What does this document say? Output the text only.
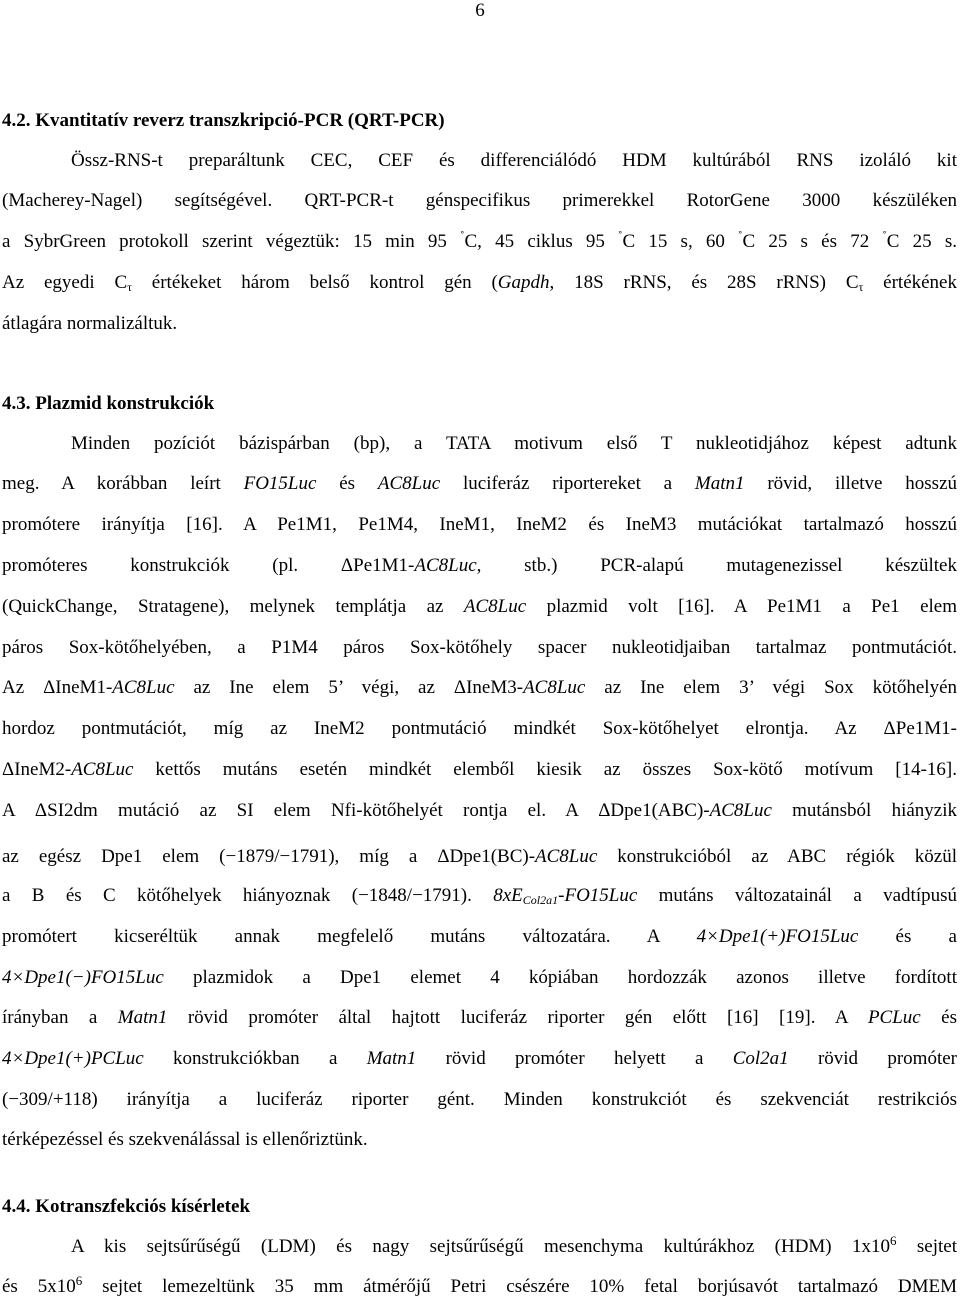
6
4.2. Kvantitatív reverz transzkripció-PCR (QRT-PCR)
Össz-RNS-t preparáltunk CEC, CEF és differenciálódó HDM kultúrából RNS izoláló kit
(Macherey-Nagel) segítségével. QRT-PCR-t génspecifikus primerekkel RotorGene 3000 készüléken
a SybrGreen protokoll szerint végeztük: 15 min 95 ˚C, 45 ciklus 95 ˚C 15 s, 60 ˚C 25 s és 72 ˚C 25 s.
Az egyedi $C_\tau$ értékeket három belső kontrol gén (Gapdh, 18S rRNS, és 28S rRNS) $C_\tau$ értékének
átlagára normalizáltuk.
4.3. Plazmid konstrukciók
Minden pozíciót bázispárban (bp), a TATA motivum első T nukleotidjához képest adtunk
meg. A korábban leírt FO15Luc és AC8Luc luciferáz riportereket a Matn1 rövid, illetve hosszú
promótere irányítja [16]. A Pe1M1, Pe1M4, IneM1, IneM2 és IneM3 mutációkat tartalmazó hosszú
promóteres konstrukciók (pl. ΔPe1M1-AC8Luc, stb.) PCR-alapú mutagenezissel készültek
(QuickChange, Stratagene), melynek templátja az AC8Luc plazmid volt [16]. A Pe1M1 a Pe1 elem
páros Sox-kötőhelyében, a P1M4 páros Sox-kötőhely spacer nukleotidjaiban tartalmaz pontmutációt.
Az ΔIneM1-AC8Luc az Ine elem 5’ végi, az ΔIneM3-AC8Luc az Ine elem 3’ végi Sox kötőhelyén
hordoz pontmutációt, míg az IneM2 pontmutáció mindkét Sox-kötőhelyet elrontja. Az ΔPe1M1-
ΔIneM2-AC8Luc kettős mutáns esetén mindkét elemből kiesik az összes Sox-kötő motívum [14-16].
A ΔSI2dm mutáció az SI elem Nfi-kötőhelyét rontja el. A ΔDpe1(ABC)-AC8Luc mutánsból hiányzik
az egész Dpe1 elem (−1879/−1791), míg a ΔDpe1(BC)-AC8Luc konstrukcióból az ABC régiók közül
a B és C kötőhelyek hiányoznak (−1848/−1791). $8xE_{Col2a1}-FO15Luc$ mutáns változatainál a vadtípusú
promótert kicseréltük annak megfelelő mutáns változatára. A 4×Dpe1(+)FO15Luc és a
4×Dpe1(−)FO15Luc plazmidok a Dpe1 elemet 4 kópiában hordozzák azonos illetve fordított
írányban a Matn1 rövid promóter által hajtott luciferáz riporter gén előtt [16] [19]. A PCLuc és
4×Dpe1(+)PCLuc konstrukciókban a Matn1 rövid promóter helyett a Col2a1 rövid promóter
(−309/+118) irányítja a luciferáz riporter gént. Minden konstrukciót és szekvenciát restrikciós
térképezéssel és szekvenálással is ellenőriztünk.
4.4. Kotranszfekciós kísérletek
A kis sejtsűrűségű (LDM) és nagy sejtsűrűségű mesenchyma kultúrákhoz (HDM) $1x10^6$ sejtet
és $5x10^6$ sejtet lemezeltünk 35 mm átmérőjű Petri csészére 10% fetal borjúsavót tartalmazó DMEM
